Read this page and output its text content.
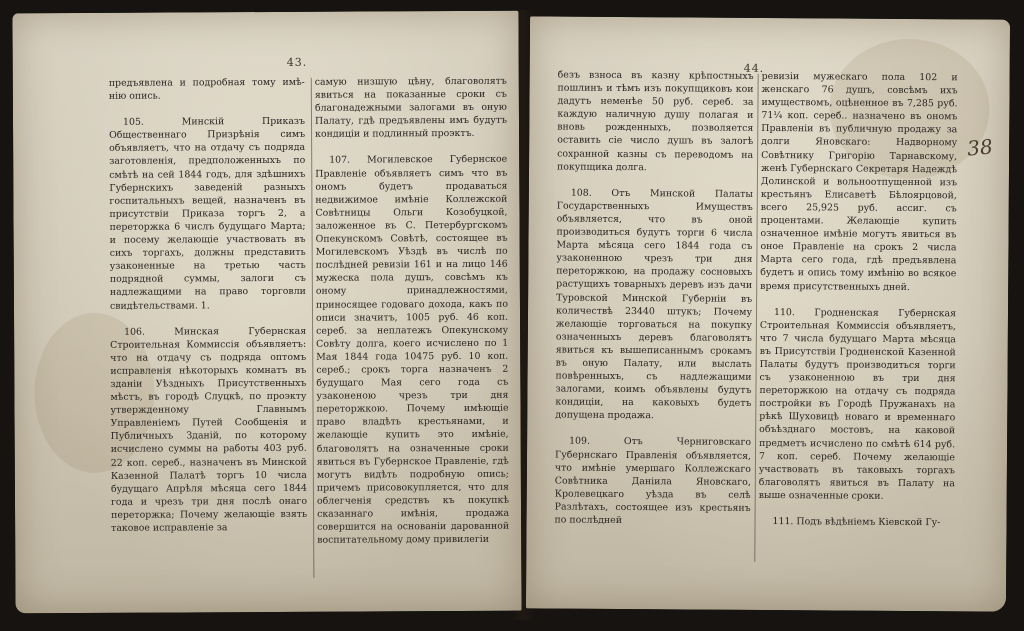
43.

предъявлена и подробная тому имѣ-нію опись.

105. Минскій Приказъ Общественнаго Призрѣнія симъ объявляетъ, что на отдачу съ подряда заготовленія, предположенныхъ по смѣтѣ на сей 1844 годъ, для здѣшнихъ Губернскихъ заведеній разныхъ госпитальныхъ вещей, назначенъ въ присутствіи Приказа торгъ 2, а переторжка 6 числъ будущаго Марта; и посему желающіе участвовать въ сихъ торгахъ, должны представить узаконенные на третью часть подрядной суммы, залоги съ надлежащими на право торговли свидѣтельствами. 1.

106. Минская Губернская Строительная Коммиссія объявляетъ: что на отдачу съ подряда оптомъ исправленія нѣкоторыхъ комнатъ въ зданіи Уѣздныхъ Присутственныхъ мѣстъ, въ городѣ Слуцкѣ, по проэкту утвержденному Главнымъ Управленіемъ Путей Сообщенія и Публичныхъ Зданій, по которому исчислено суммы на работы 403 руб. 22 коп. сереб., назначенъ въ Минской Казенной Палатѣ торгъ 10 числа будущаго Апрѣля мѣсяца сего 1844 года и чрезъ три дня послѣ онаго переторжка; Почему желающіе взять таковое исправленіе за

самую низшую цѣну, благоволятъ явиться на показанные сроки съ благонадежными залогами въ оную Палату, гдѣ предъявлены имъ будутъ кондиціи и подлинный проэктъ.

107. Могилевское Губернское Правленіе объявляетъ симъ что въ ономъ будетъ продаваться недвижимое имѣніе Коллежской Совѣтницы Ольги Козобуцкой, заложенное въ С. Петербургскомъ Опекунскомъ Совѣтѣ, состоящее въ Могилевскомъ Уѣздѣ въ числѣ по послѣдней ревизіи 161 и на лицо 146 мужеска пола душъ, совсѣмъ къ оному принадлежностями, приносящее годоваго дохода, какъ по описи значитъ, 1005 руб. 46 коп. сереб. за неплатежъ Опекунскому Совѣту долга, коего исчислено по 1 Мая 1844 года 10475 руб. 10 коп. сереб.; срокъ торга назначенъ 2 будущаго Мая сего года съ узаконеною чрезъ три дня переторжкою. Почему имѣющіе право владѣть крестьянами, и желающіе купить это имѣніе, благоволятъ на означенные сроки явиться въ Губернское Правленіе, гдѣ могутъ видѣть подробную опись; причемъ присовокупляется, что для облегченія средствъ къ покупкѣ сказаннаго имѣнія, продажа совершится на основаніи дарованной воспитательному дому привилегіи

44.

безъ взноса въ казну крѣпостныхъ пошлинъ и тѣмъ изъ покупщиковъ кои дадутъ неменѣе 50 руб. сереб. за каждую наличную душу полагая и вновь рожденныхъ, позволяется оставить сіе число душъ въ залогѣ сохранной казны съ переводомъ на покупщика долга.

108. Отъ Минской Палаты Государственныхъ Имуществъ объявляется, что въ оной производиться будутъ торги 6 числа Марта мѣсяца сего 1844 года съ узаконенною чрезъ три дня переторжкою, на продажу сосновыхъ растущихъ товарныхъ деревъ изъ дачи Туровской Минской Губерніи въ количествѣ 23440 штукъ; Почему желающіе торговаться на покупку означенныхъ деревъ благоволятъ явиться къ вышеписаннымъ срокамъ въ оную Палату, или выслать повѣренныхъ, съ надлежащими залогами, коимъ объявлены будутъ кондиціи, на каковыхъ будетъ допущена продажа.

109. Отъ Черниговскаго Губернскаго Правленія объявляется, что имѣніе умершаго Коллежскаго Совѣтника Даніила Яновскаго, Кролевецкаго уѣзда въ селѣ Разлѣтахъ, состоящее изъ крестьянъ по послѣдней

ревизіи мужескаго пола 102 и женскаго 76 душъ, совсѣмъ ихъ имуществомъ, оцѣненное въ 7,285 руб. 71¼ коп. сереб.. назначено въ ономъ Правленіи въ публичную продажу за долги Яновскаго: Надворному Совѣтнику Григорію Тарнавскому, женѣ Губернскаго Секретаря Надеждѣ Долинской и вольноотпущенной изъ крестьянъ Елисаветѣ Бѣлоярцовой, всего 25,925 руб. ассиг. съ процентами. Желающіе купить означенное имѣніе могутъ явиться въ оное Правленіе на срокъ 2 числа Марта сего года, гдѣ предъявлена будетъ и опись тому имѣнію во всякое время присутственныхъ дней.

110. Гродненская Губернская Строительная Коммиссія объявляетъ, что 7 числа будущаго Марта мѣсяца въ Присутствіи Гродненской Казенной Палаты будутъ производиться торги съ узаконенною въ три дня переторжкою на отдачу съ подряда постройки въ Городѣ Пружанахъ на рѣкѣ Шуховицѣ новаго и временнаго объѣзднаго мостовъ, на каковой предметъ исчислено по смѣтѣ 614 руб. 7 коп. сереб. Почему желающіе участвовать въ таковыхъ торгахъ благоволятъ явиться въ Палату на выше означенные сроки.

111. Подъ вѣдѣніемъ Кіевской Гу-

38
